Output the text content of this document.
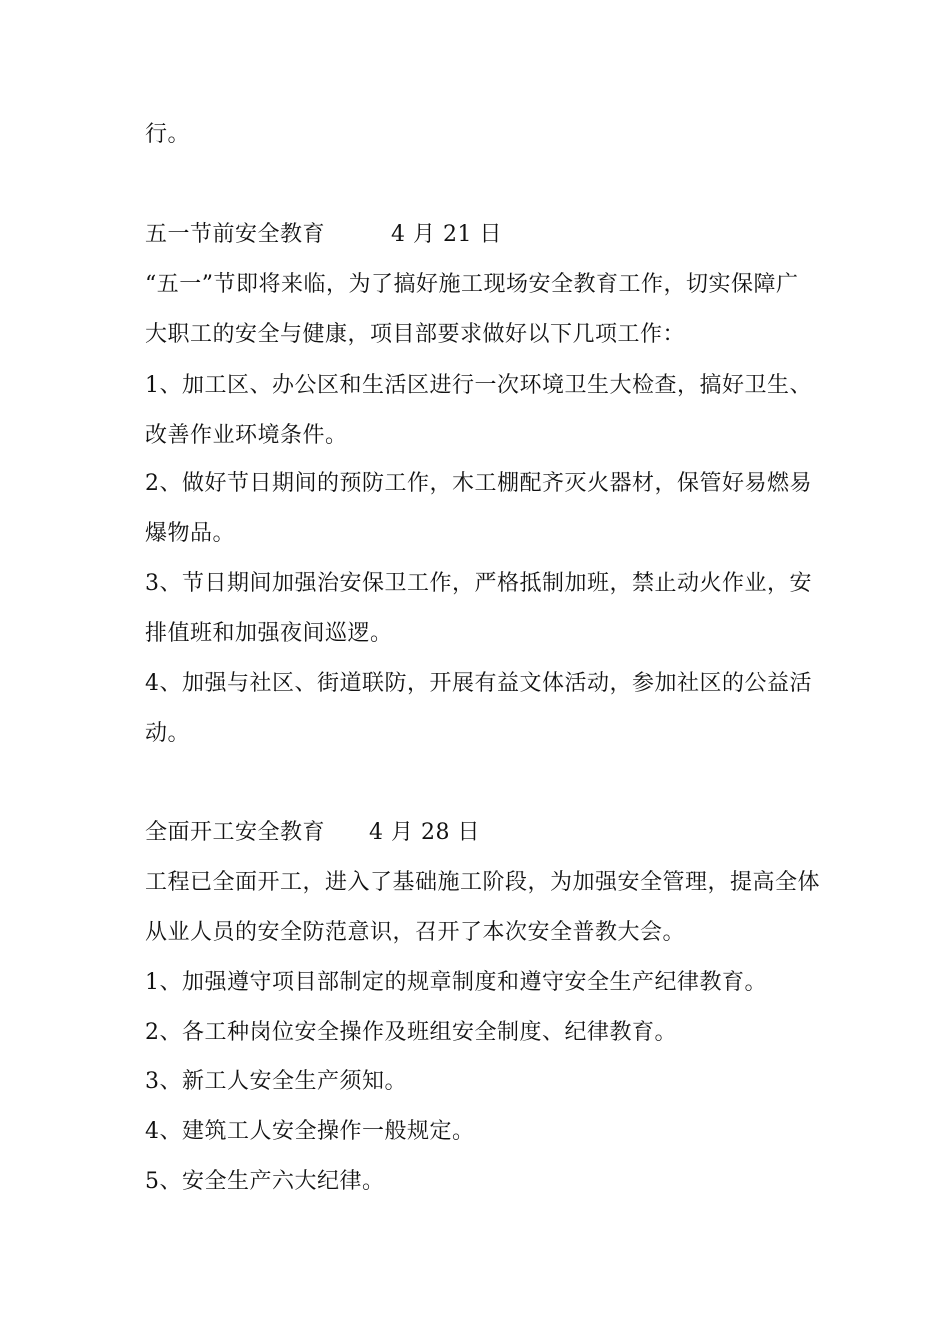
行。
五一节前安全教育	4 月 21 日
“五一”节即将来临，为了搞好施工现场安全教育工作，切实保障广
大职工的安全与健康，项目部要求做好以下几项工作：
1、加工区、办公区和生活区进行一次环境卫生大检查，搞好卫生、
改善作业环境条件。
2、做好节日期间的预防工作，木工棚配齐灭火器材，保管好易燃易
爆物品。
3、节日期间加强治安保卫工作，严格抵制加班，禁止动火作业，安
排值班和加强夜间巡逻。
4、加强与社区、街道联防，开展有益文体活动，参加社区的公益活
动。
全面开工安全教育 4 月 28 日
工程已全面开工，进入了基础施工阶段，为加强安全管理，提高全体
从业人员的安全防范意识，召开了本次安全普教大会。
1、加强遵守项目部制定的规章制度和遵守安全生产纪律教育。
2、各工种岗位安全操作及班组安全制度、纪律教育。
3、新工人安全生产须知。
4、建筑工人安全操作一般规定。
5、安全生产六大纪律。
